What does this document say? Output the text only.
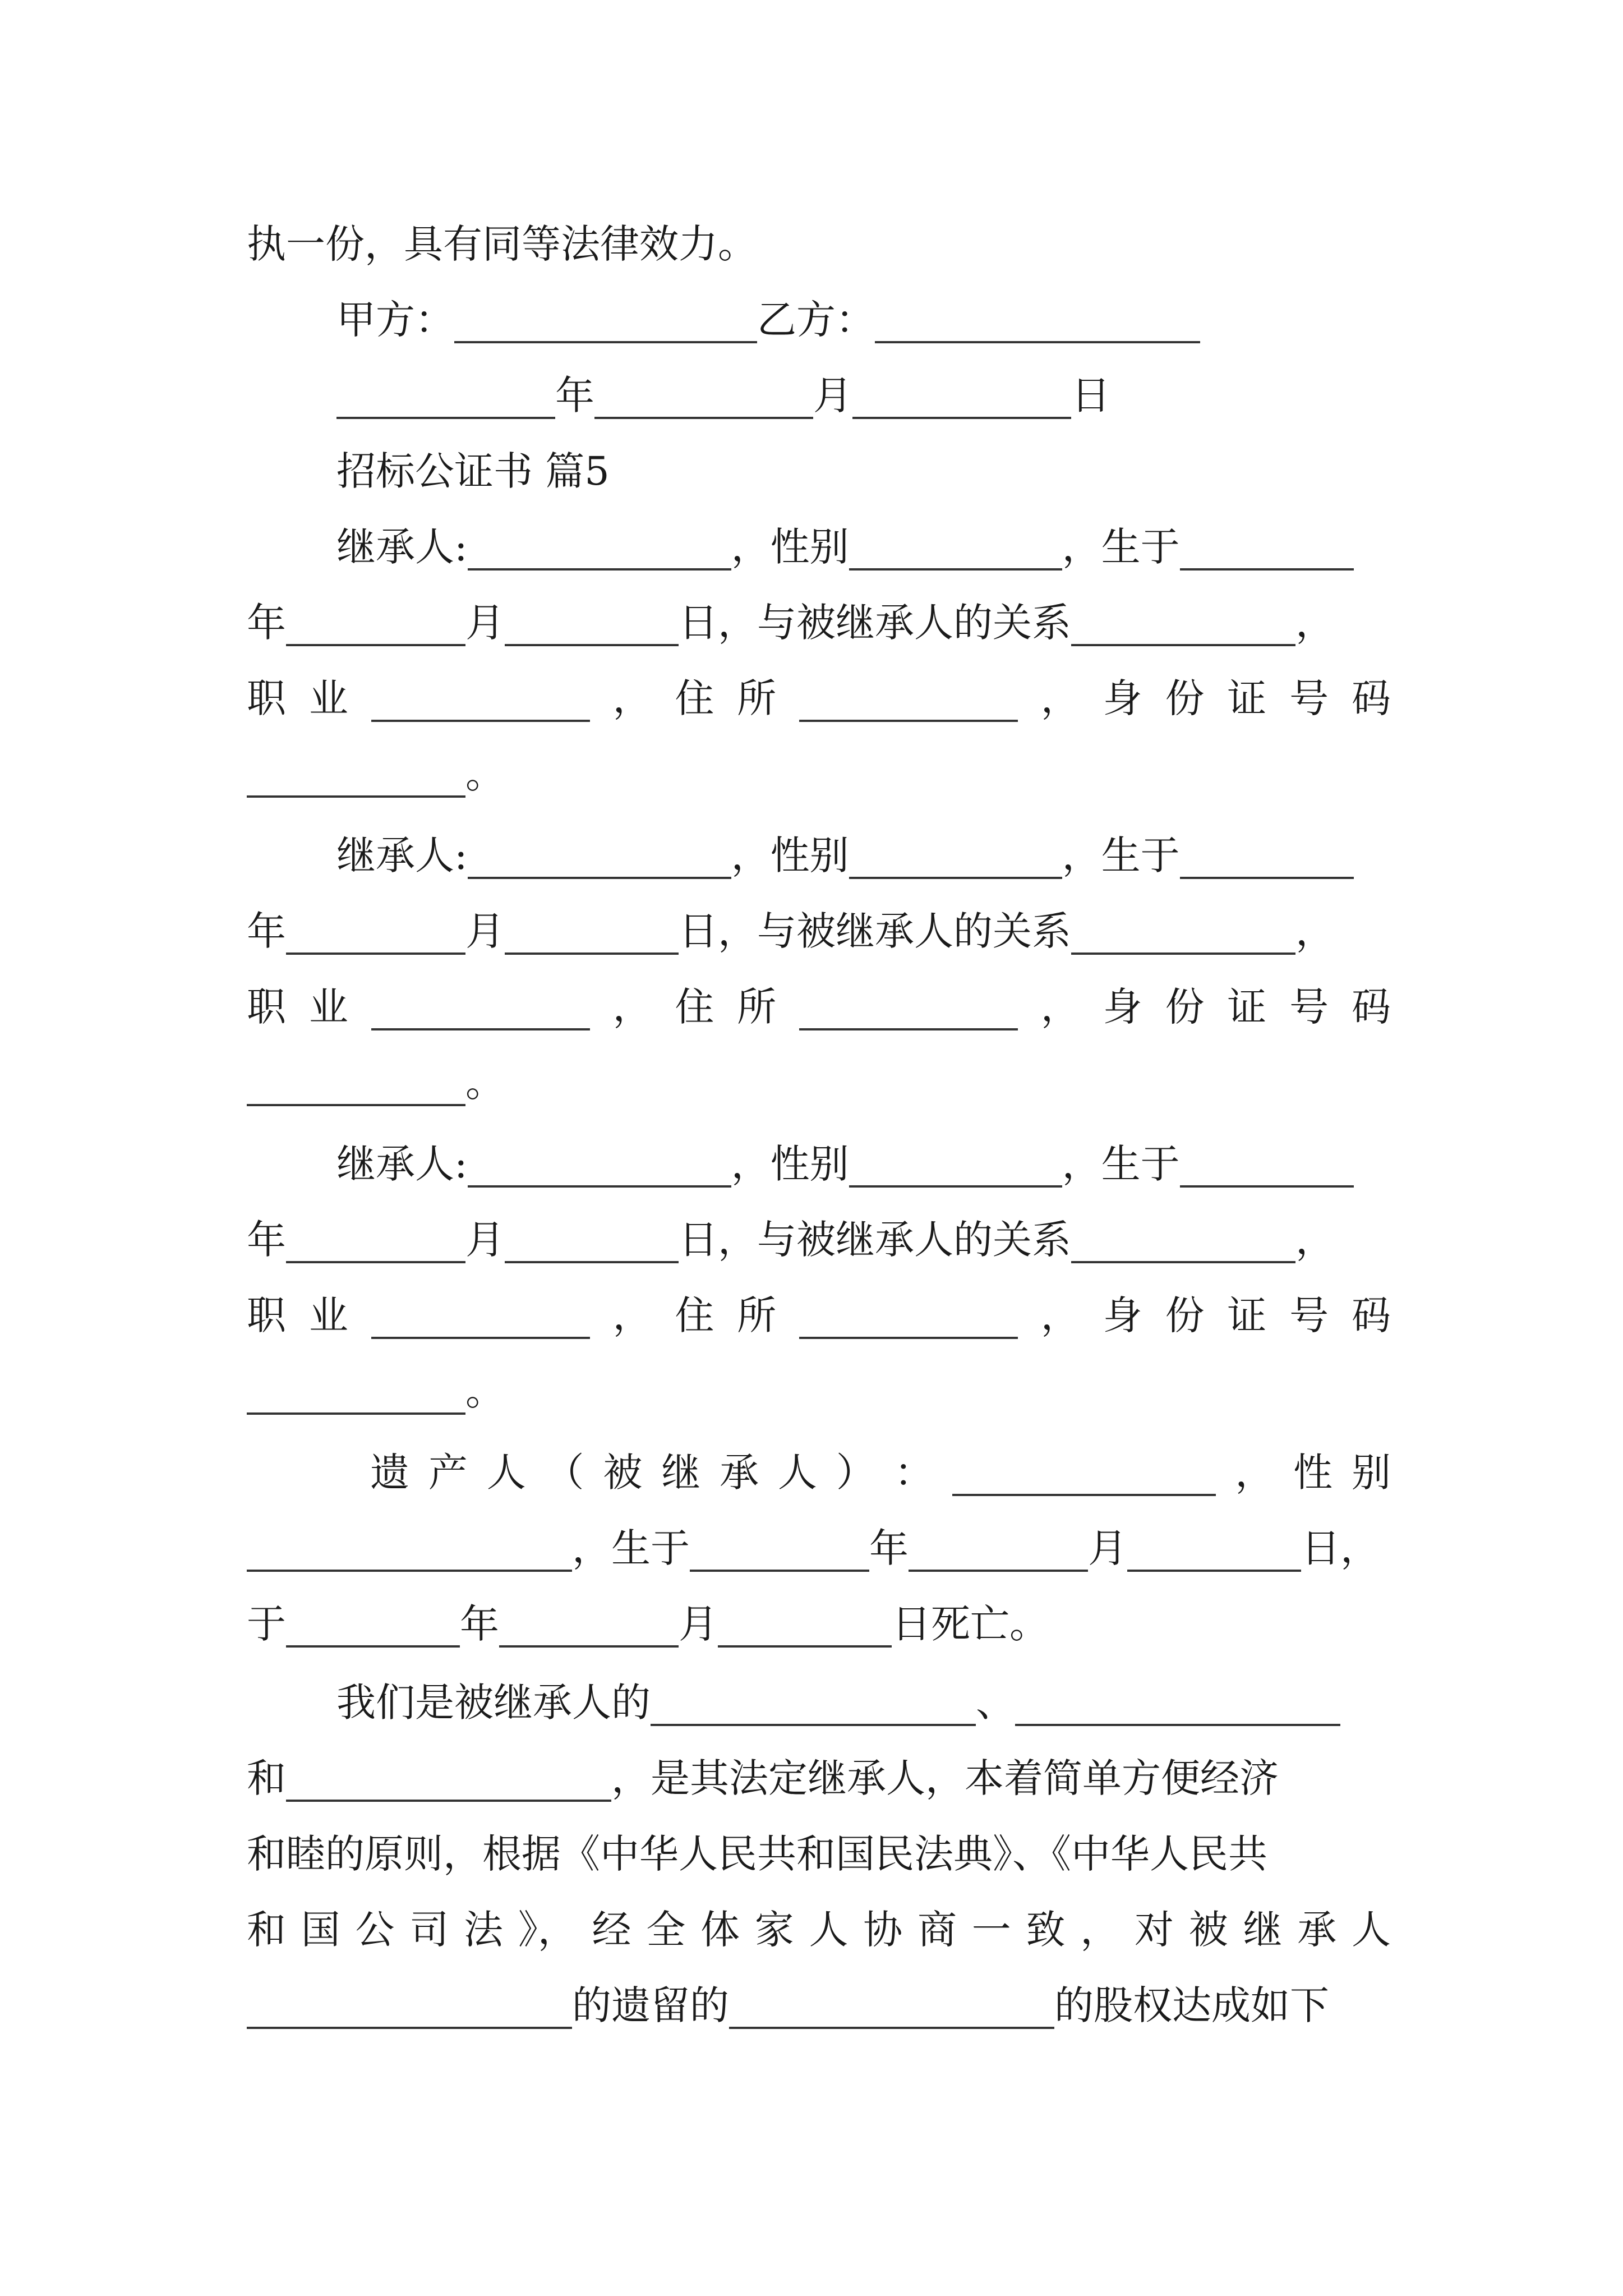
执一份，具有同等法律效力。
甲方：	乙方：
年	月	日
招标公证书 篇5
继承人:	，性别	，生于
年	月	日，与被继承人的关系	，
职 业	， 住 所	， 身 份 证 号 码
。
继承人:	，性别	，生于
年	月	日，与被继承人的关系	，
职 业	， 住 所	， 身 份 证 号 码
。
继承人:	，性别	，生于
年	月	日，与被继承人的关系	，
职 业	， 住 所	， 身 份 证 号 码
。
遗 产 人 （ 被 继 承 人 ） ：	， 性 别
，生于	年	月	日，
于	年	月	日死亡。
我们是被继承人的	、
和	，是其法定继承人，本着简单方便经济
和睦的原则，根据《中华人民共和国民法典》、《中华人民共
和 国 公 司 法 》， 经 全 体 家 人 协 商 一 致 ， 对 被 继 承 人
的遗留的	的股权达成如下
